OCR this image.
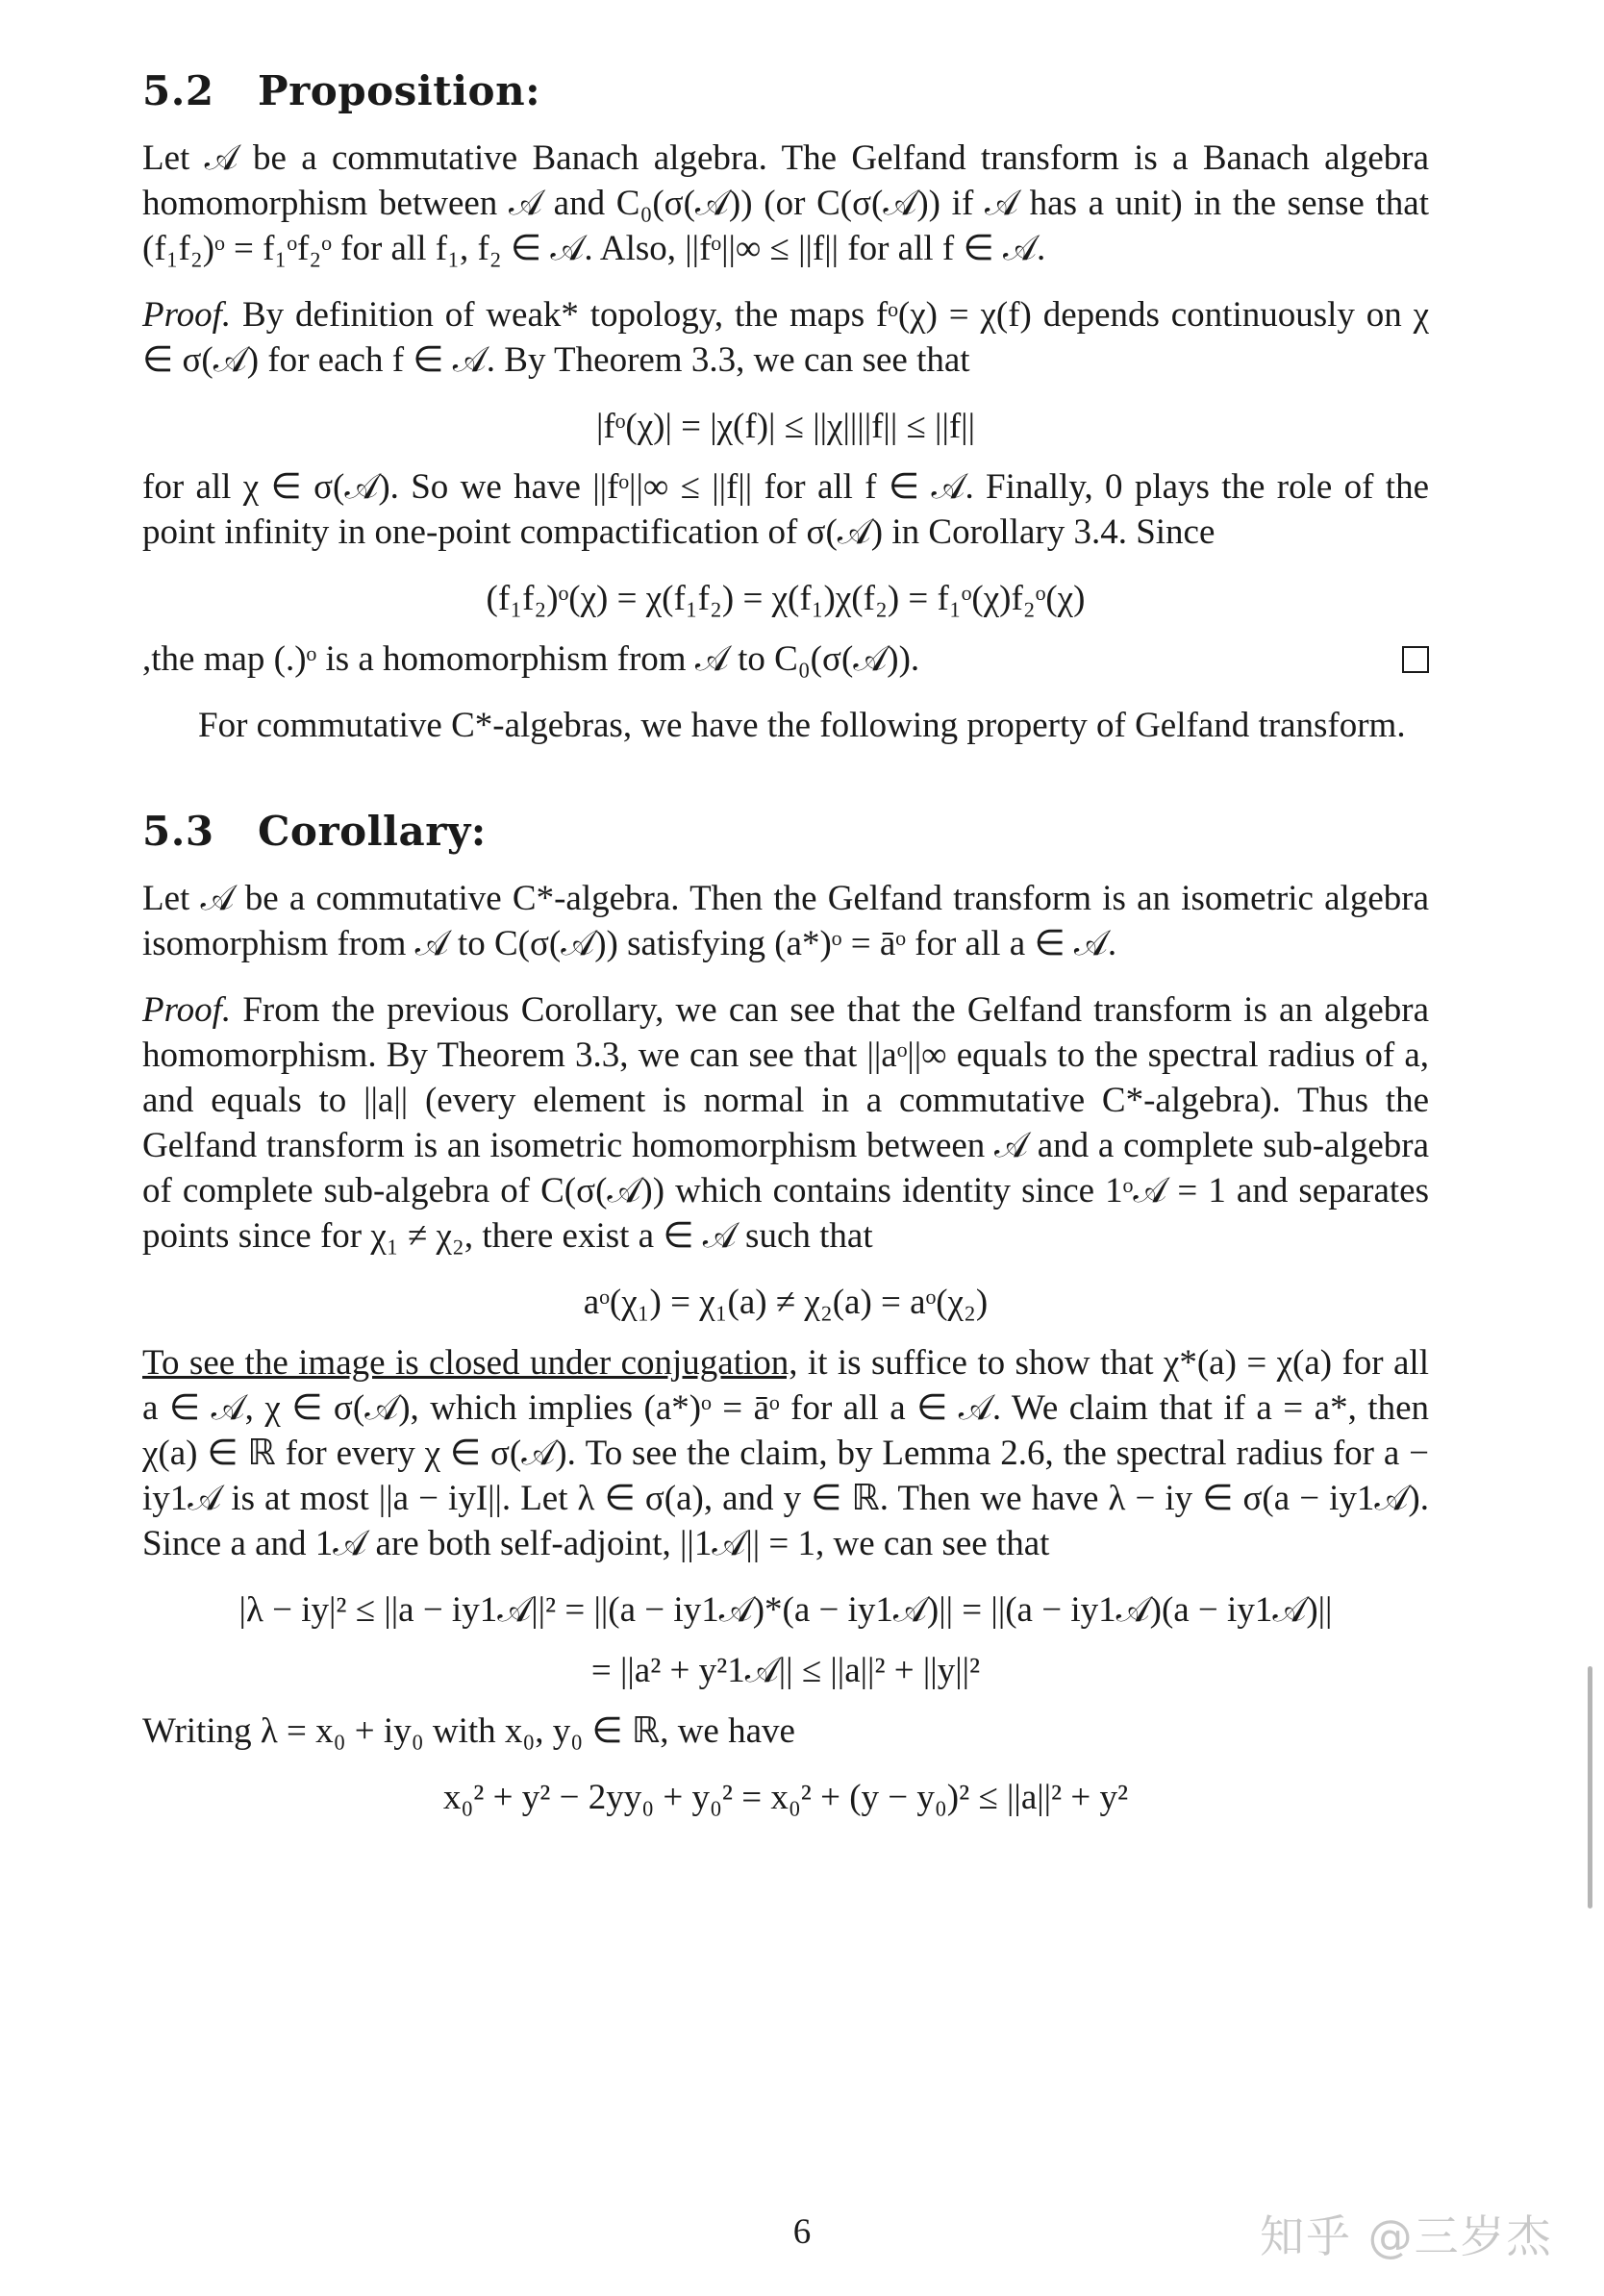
5.2 Proposition:

Let 𝒜 be a commutative Banach algebra. The Gelfand transform is a Banach algebra homomorphism between 𝒜 and C₀(σ(𝒜)) (or C(σ(𝒜)) if 𝒜 has a unit) in the sense that (f₁f₂)ᵒ = f₁ᵒf₂ᵒ for all f₁, f₂ ∈ 𝒜. Also, ||fᵒ||∞ ≤ ||f|| for all f ∈ 𝒜.

Proof. By definition of weak* topology, the maps fᵒ(χ) = χ(f) depends continuously on χ ∈ σ(𝒜) for each f ∈ 𝒜. By Theorem 3.3, we can see that

|fᵒ(χ)| = |χ(f)| ≤ ||χ||||f|| ≤ ||f||

for all χ ∈ σ(𝒜). So we have ||fᵒ||∞ ≤ ||f|| for all f ∈ 𝒜. Finally, 0 plays the role of the point infinity in one-point compactification of σ(𝒜) in Corollary 3.4. Since

(f₁f₂)ᵒ(χ) = χ(f₁f₂) = χ(f₁)χ(f₂) = f₁ᵒ(χ)f₂ᵒ(χ)

,the map (.)ᵒ is a homomorphism from 𝒜 to C₀(σ(𝒜)).

For commutative C*-algebras, we have the following property of Gelfand transform.

5.3 Corollary:

Let 𝒜 be a commutative C*-algebra. Then the Gelfand transform is an isometric algebra isomorphism from 𝒜 to C(σ(𝒜)) satisfying (a*)ᵒ = āᵒ for all a ∈ 𝒜.

Proof. From the previous Corollary, we can see that the Gelfand transform is an algebra homomorphism. By Theorem 3.3, we can see that ||aᵒ||∞ equals to the spectral radius of a, and equals to ||a|| (every element is normal in a commutative C*-algebra). Thus the Gelfand transform is an isometric homomorphism between 𝒜 and a complete sub-algebra of complete sub-algebra of C(σ(𝒜)) which contains identity since 1ᵒ𝒜 = 1 and separates points since for χ₁ ≠ χ₂, there exist a ∈ 𝒜 such that

aᵒ(χ₁) = χ₁(a) ≠ χ₂(a) = aᵒ(χ₂)

To see the image is closed under conjugation, it is suffice to show that χ*(a) = χ(a) for all a ∈ 𝒜, χ ∈ σ(𝒜), which implies (a*)ᵒ = āᵒ for all a ∈ 𝒜. We claim that if a = a*, then χ(a) ∈ ℝ for every χ ∈ σ(𝒜). To see the claim, by Lemma 2.6, the spectral radius for a − iy1𝒜 is at most ||a − iyI||. Let λ ∈ σ(a), and y ∈ ℝ. Then we have λ − iy ∈ σ(a − iy1𝒜). Since a and 1𝒜 are both self-adjoint, ||1𝒜|| = 1, we can see that

|λ − iy|² ≤ ||a − iy1𝒜||² = ||(a − iy1𝒜)*(a − iy1𝒜)|| = ||(a − iy1𝒜)(a − iy1𝒜)||
= ||a² + y²1𝒜|| ≤ ||a||² + ||y||²

Writing λ = x₀ + iy₀ with x₀, y₀ ∈ ℝ, we have

x₀² + y² − 2yy₀ + y₀² = x₀² + (y − y₀)² ≤ ||a||² + y²
6	知乎 @三岁杰
